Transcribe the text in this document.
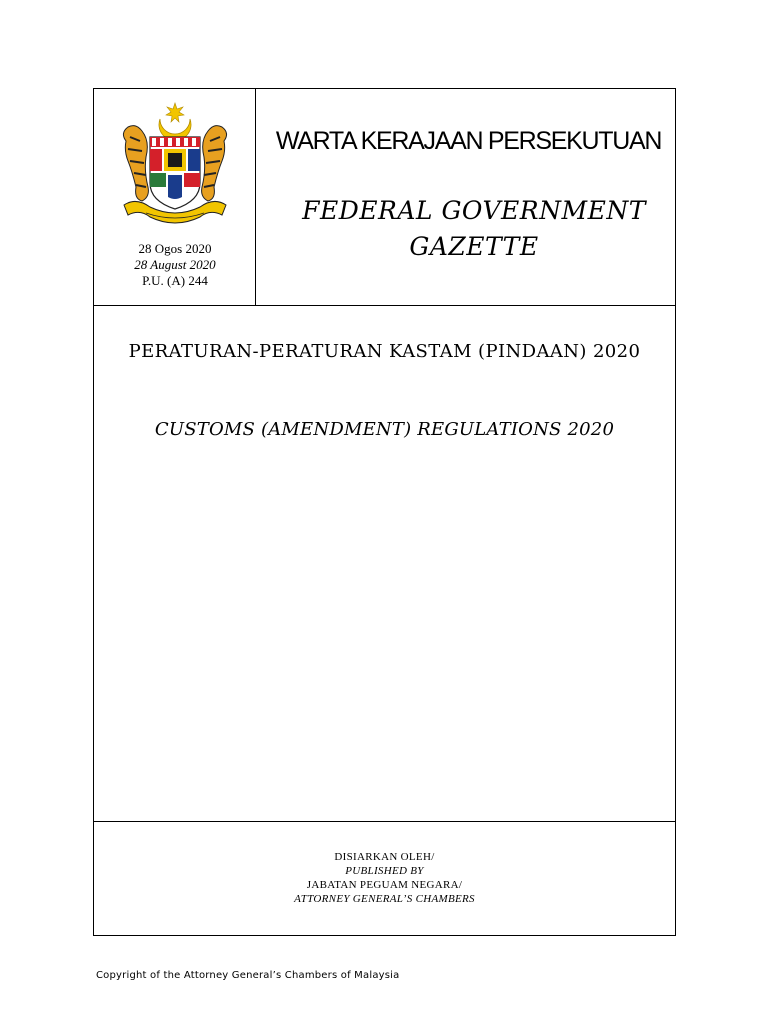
28 Ogos 2020
28 August 2020
P.U. (A) 244
WARTA KERAJAAN PERSEKUTUAN
FEDERAL GOVERNMENT
GAZETTE
PERATURAN-PERATURAN KASTAM (PINDAAN) 2020
CUSTOMS (AMENDMENT) REGULATIONS 2020
DISIARKAN OLEH/
PUBLISHED BY
JABATAN PEGUAM NEGARA/
ATTORNEY GENERAL’S CHAMBERS
Copyright of the Attorney General’s Chambers of Malaysia
